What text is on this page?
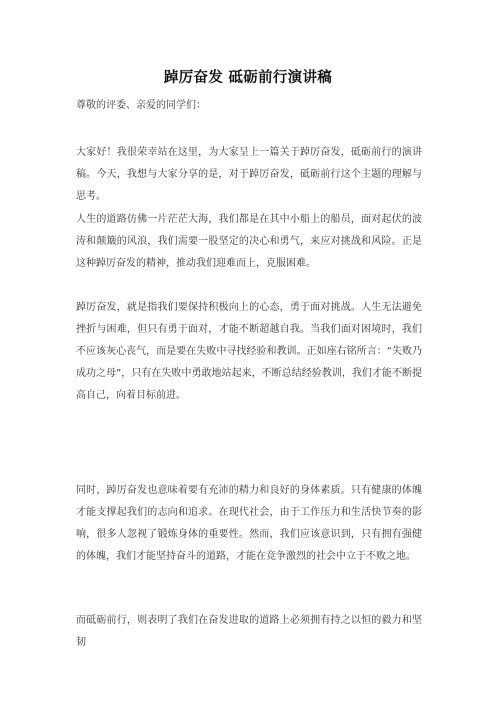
踔厉奋发 砥砺前行演讲稿
尊敬的评委、亲爱的同学们：

大家好！我很荣幸站在这里，为大家呈上一篇关于踔厉奋发，砥砺前行的演讲稿。今天，我想与大家分享的是，对于踔厉奋发，砥砺前行这个主题的理解与思考。

人生的道路仿佛一片茫茫大海，我们都是在其中小船上的船员，面对起伏的波涛和颠簸的风浪，我们需要一股坚定的决心和勇气，来应对挑战和风险。正是这种踔厉奋发的精神，推动我们迎难而上，克服困难。

踔厉奋发，就是指我们要保持积极向上的心态，勇于面对挑战。人生无法避免挫折与困难，但只有勇于面对，才能不断超越自我。当我们面对困境时，我们不应该灰心丧气，而是要在失败中寻找经验和教训。正如座右铭所言：“失败乃成功之母”，只有在失败中勇敢地站起来，不断总结经验教训，我们才能不断提高自己，向着目标前进。

同时，踔厉奋发也意味着要有充沛的精力和良好的身体素质。只有健康的体魄才能支撑起我们的志向和追求。在现代社会，由于工作压力和生活快节奏的影响，很多人忽视了锻炼身体的重要性。然而，我们应该意识到，只有拥有强健的体魄，我们才能坚持奋斗的道路，才能在竞争激烈的社会中立于不败之地。

而砥砺前行，则表明了我们在奋发进取的道路上必须拥有持之以恒的毅力和坚韧
